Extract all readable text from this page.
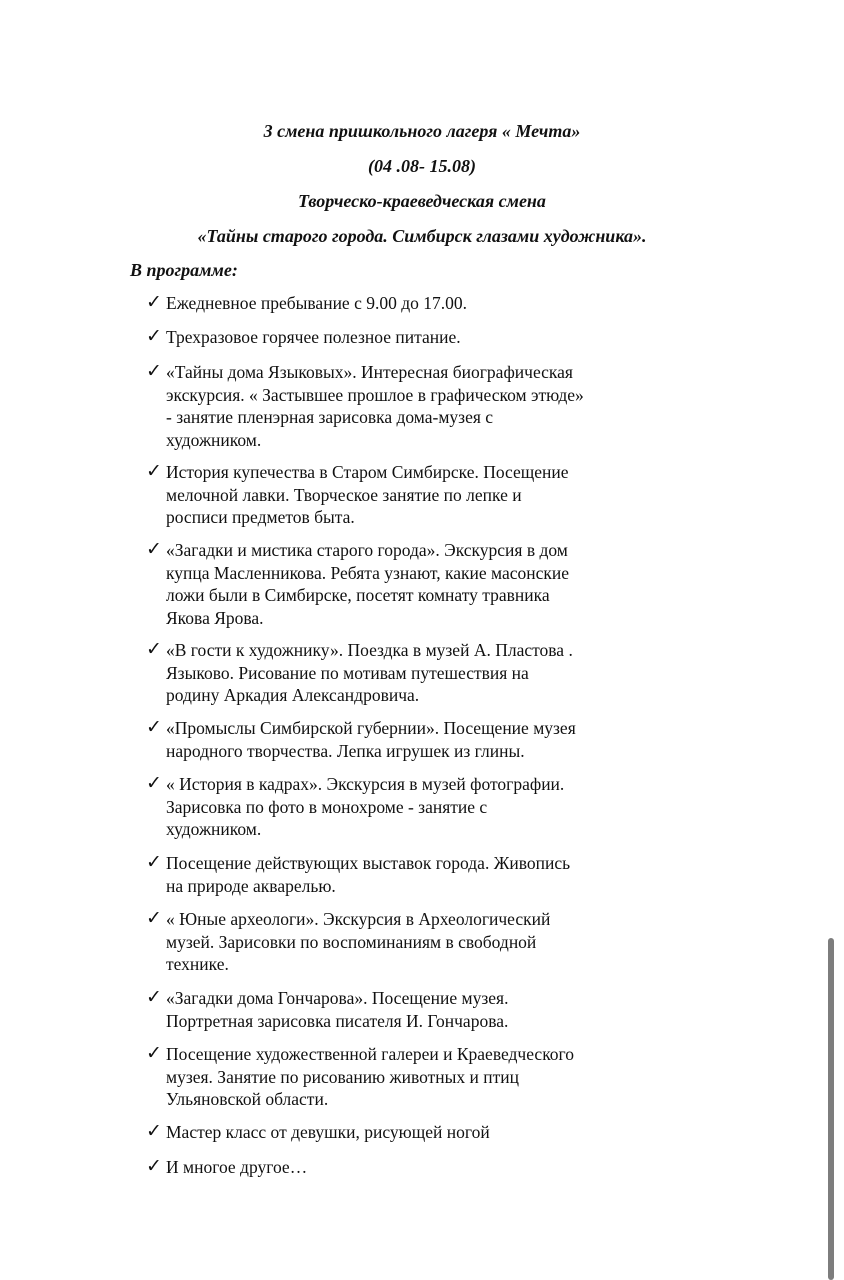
3 смена пришкольного лагеря « Мечта»
(04 .08- 15.08)
Творческо-краеведческая смена
«Тайны старого города. Симбирск глазами художника».
В программе:
✓ Ежедневное пребывание с 9.00 до 17.00.
✓ Трехразовое горячее полезное питание.
✓ «Тайны дома Языковых». Интересная биографическая
экскурсия. « Застывшее прошлое в графическом этюде»
- занятие пленэрная зарисовка дома-музея с
художником.
✓ История купечества в Старом Симбирске. Посещение
мелочной лавки. Творческое занятие по лепке и
росписи предметов быта.
✓ «Загадки и мистика старого города». Экскурсия в дом
купца Масленникова. Ребята узнают, какие масонские
ложи были в Симбирске, посетят комнату травника
Якова Ярова.
✓ «В гости к художнику». Поездка в музей А. Пластова .
Языково. Рисование по мотивам путешествия на
родину Аркадия Александровича.
✓ «Промыслы Симбирской губернии». Посещение музея
народного творчества. Лепка игрушек из глины.
✓ « История в кадрах». Экскурсия в музей фотографии.
Зарисовка по фото в монохроме - занятие с
художником.
✓ Посещение действующих выставок города. Живопись
на природе акварелью.
✓ « Юные археологи». Экскурсия в Археологический
музей. Зарисовки по воспоминаниям в свободной
технике.
✓ «Загадки дома Гончарова». Посещение музея.
Портретная зарисовка писателя И. Гончарова.
✓ Посещение художественной галереи и Краеведческого
музея. Занятие по рисованию животных и птиц
Ульяновской области.
✓ Мастер класс от девушки, рисующей ногой
✓ И многое другое…
